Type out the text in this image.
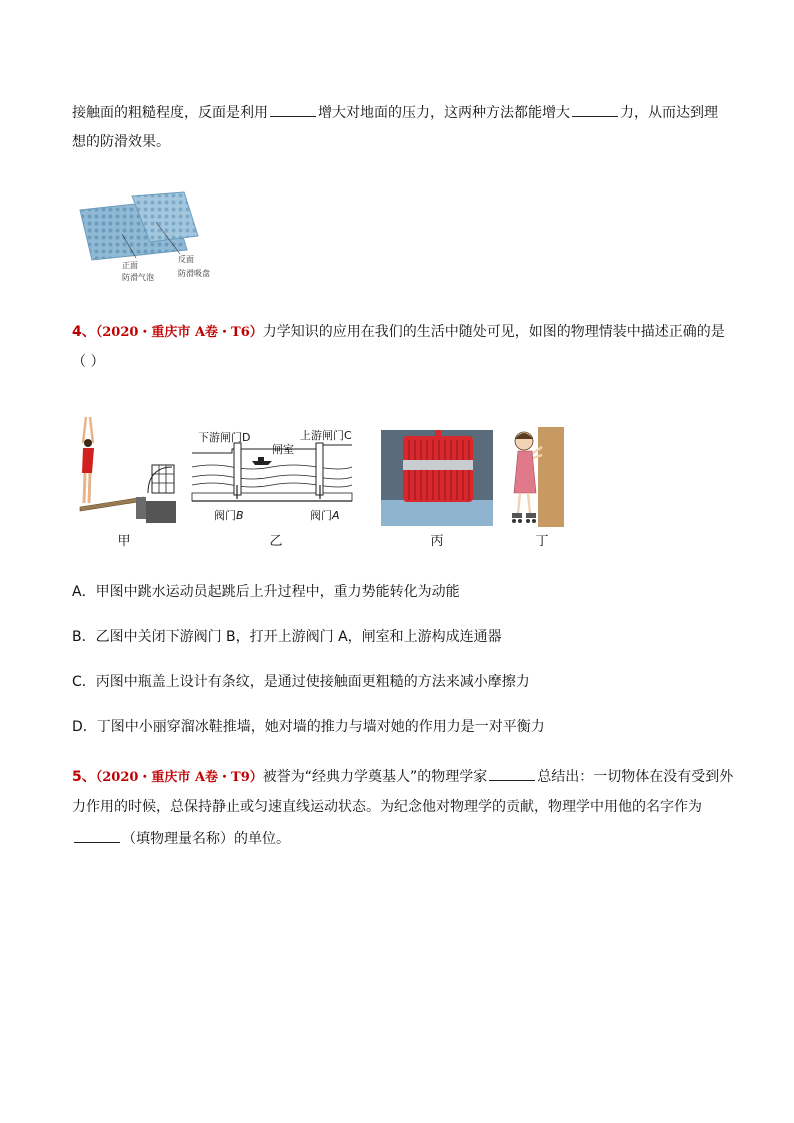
接触面的粗糙程度，反面是利用	增大对地面的压力，这两种方法都能增大	力，从而达到理
想的防滑效果。
正面
防滑气泡
反面
防滑吸盘
4、（2020・重庆市 A卷・T6）力学知识的应用在我们的生活中随处可见，如图的物理情装中描述正确的是
（ ）
甲
下游闸门D
闸室
上游闸门C
阀门B	阀门A
乙	丙	丁
A．甲图中跳水运动员起跳后上升过程中，重力势能转化为动能
B．乙图中关闭下游阀门 B，打开上游阀门 A，闸室和上游构成连通器
C．丙图中瓶盖上设计有条纹，是通过使接触面更粗糙的方法来减小摩擦力
D．丁图中小丽穿溜冰鞋推墙，她对墙的推力与墙对她的作用力是一对平衡力
5、（2020・重庆市 A卷・T9）被誉为“经典力学奠基人”的物理学家	总结出：一切物体在没有受到外
力作用的时候，总保持静止或匀速直线运动状态。为纪念他对物理学的贡献，物理学中用他的名字作为
（填物理量名称）的单位。
